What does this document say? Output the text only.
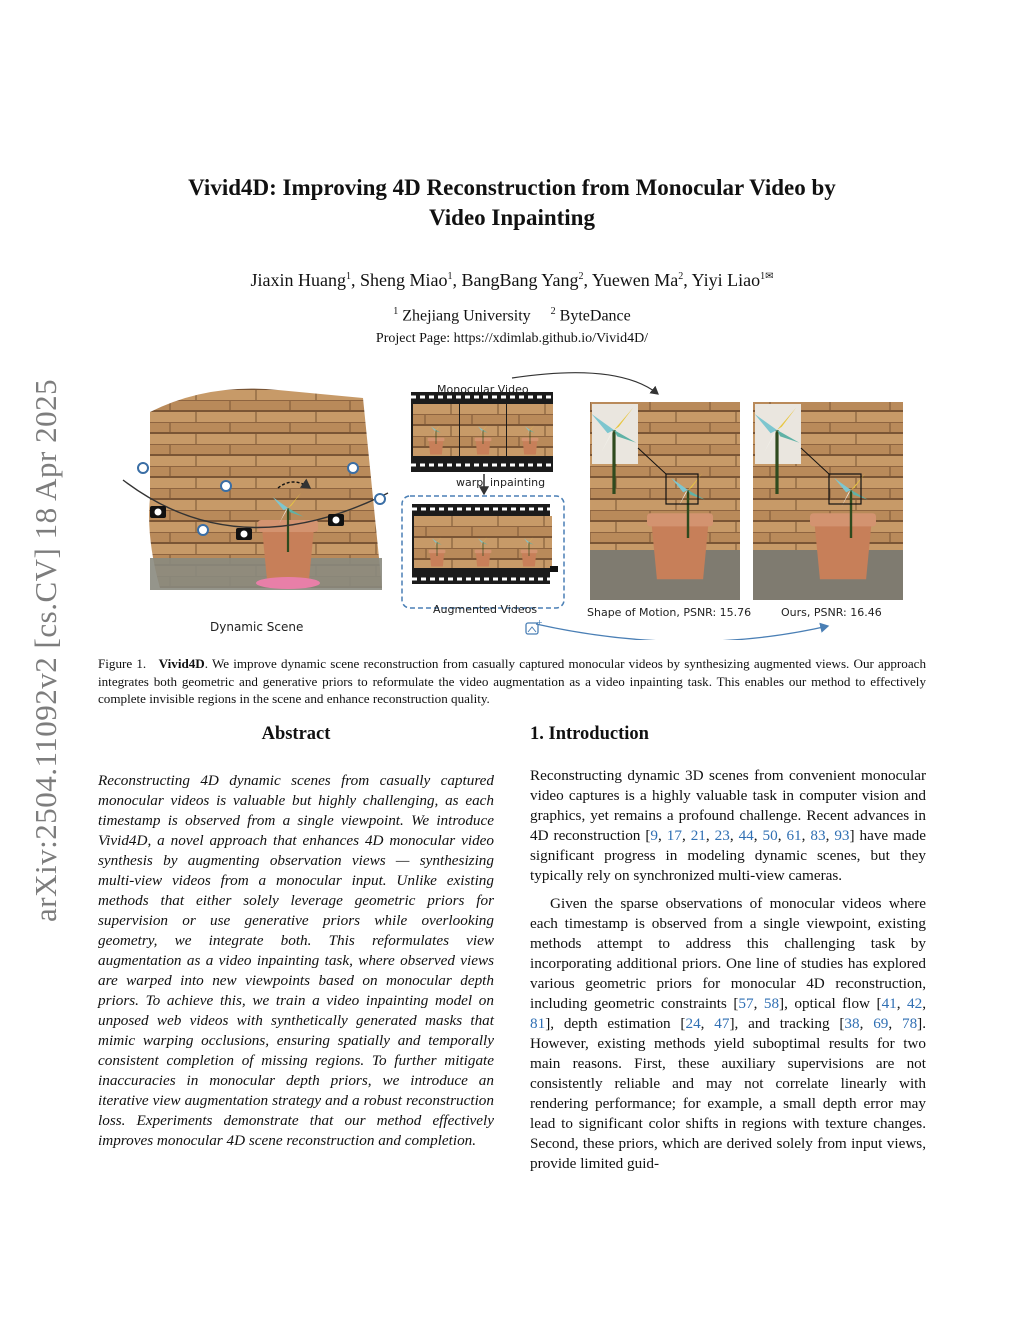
arXiv:2504.11092v2 [cs.CV] 18 Apr 2025
Vivid4D: Improving 4D Reconstruction from Monocular Video by
Video Inpainting
Jiaxin Huang$^1$, Sheng Miao$^1$, BangBang Yang$^2$, Yuewen Ma$^2$, Yiyi Liao$^{1✉}$
$^1$ Zhejiang University $^2$ ByteDance
Project Page: https://xdimlab.github.io/Vivid4D/
+
Monocular Video
warp inpainting
Augmented Videos
Dynamic Scene
Shape of Motion, PSNR: 15.76	Ours, PSNR: 16.46
Figure 1. Vivid4D. We improve dynamic scene reconstruction from casually captured monocular videos by synthesizing augmented views. Our approach integrates both geometric and generative priors to reformulate the video augmentation as a video inpainting task. This enables our method to effectively complete invisible regions in the scene and enhance reconstruction quality.
Abstract
Reconstructing 4D dynamic scenes from casually captured monocular videos is valuable but highly challenging, as each timestamp is observed from a single viewpoint. We introduce Vivid4D, a novel approach that enhances 4D monocular video synthesis by augmenting observation views — synthesizing multi-view videos from a monocular input. Unlike existing methods that either solely leverage geometric priors for supervision or use generative priors while overlooking geometry, we integrate both. This reformulates view augmentation as a video inpainting task, where observed views are warped into new viewpoints based on monocular depth priors. To achieve this, we train a video inpainting model on unposed web videos with synthetically generated masks that mimic warping occlusions, ensuring spatially and temporally consistent completion of missing regions. To further mitigate inaccuracies in monocular depth priors, we introduce an iterative view augmentation strategy and a robust reconstruction loss. Experiments demonstrate that our method effectively improves monocular 4D scene reconstruction and completion.
1. Introduction

Reconstructing dynamic 3D scenes from convenient monocular video captures is a highly valuable task in computer vision and graphics, yet remains a profound challenge. Recent advances in 4D reconstruction [9, 17, 21, 23, 44, 50, 61, 83, 93] have made significant progress in modeling dynamic scenes, but they typically rely on synchronized multi-view cameras.

Given the sparse observations of monocular videos where each timestamp is observed from a single viewpoint, existing methods attempt to address this challenging task by incorporating additional priors. One line of studies has explored various geometric priors for monocular 4D reconstruction, including geometric constraints [57, 58], optical flow [41, 42, 81], depth estimation [24, 47], and tracking [38, 69, 78]. However, existing methods yield suboptimal results for two main reasons. First, these auxiliary supervisions are not consistently reliable and may not correlate linearly with rendering performance; for example, a small depth error may lead to significant color shifts in regions with texture changes. Second, these priors, which are derived solely from input views, provide limited guid-
